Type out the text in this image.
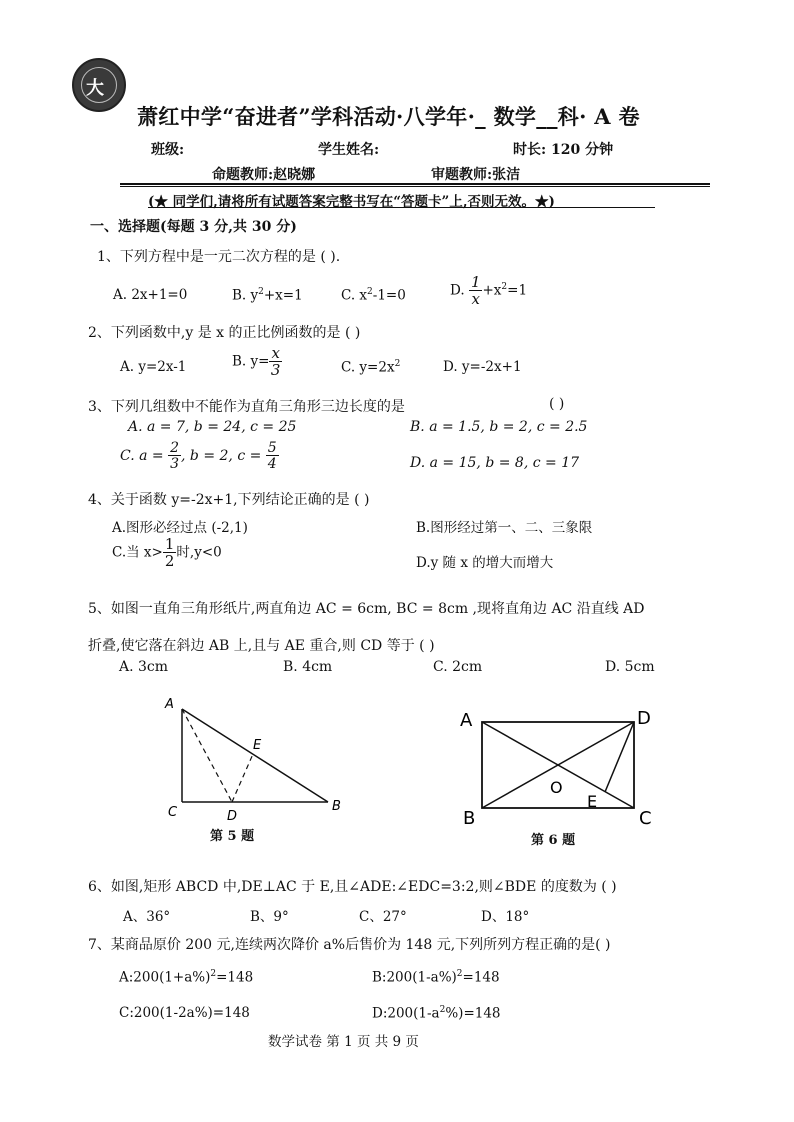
大
萧红中学“奋进者”学科活动·八学年·_ 数学__科· A 卷
班级:	学生姓名:	时长: 120 分钟
命题教师:赵晓娜	审题教师:张洁
(★ 同学们,请将所有试题答案完整书写在“答题卡”上,否则无效。★)
一、选择题(每题 3 分,共 30 分)
1、下列方程中是一元二次方程的是 ( ).
A. 2x+1=0	B. $y^2+x=1$	C. $x^2-1=0$	D. $\frac{1}{x} +x^2=1$
2、下列函数中,y 是 x 的正比例函数的是 ( )
A. y=2x-1	B. $y= \frac{x}{3}$	C. $y=2x^2$	D. y=-2x+1
3、下列几组数中不能作为直角三角形三边长度的是	( )
A. a = 7, b = 24, c = 25	B. a = 1.5, b = 2, c = 2.5
C. $a = \frac{2}{3}$ , b = 2, $c = \frac{5}{4}$	D. a = 15, b = 8, c = 17
4、关于函数 y=-2x+1,下列结论正确的是 ( )
A.图形必经过点 (-2,1)	B.图形经过第一、二、三象限
C.当 $x> \frac{1}{2}$ 时,y<0
D.y 随 x 的增大而增大
5、如图一直角三角形纸片,两直角边 AC = 6cm, BC = 8cm ,现将直角边 AC 沿直线 AD
折叠,使它落在斜边 AB 上,且与 AE 重合,则 CD 等于 ( )
A. 3cm	B. 4cm	C. 2cm	D. 5cm
A
E
C	D
B
第 5 题
A	D
O
E
B	C
第 6 题
6、如图,矩形 ABCD 中,DE⊥AC 于 E,且∠ADE:∠EDC=3:2,则∠BDE 的度数为 ( )
A、36°	B、9°	C、27°	D、18°
7、某商品原价 200 元,连续两次降价 a%后售价为 148 元,下列所列方程正确的是( )
$A:200(1+a\%)^2=148$	$B:200(1-a\%)^2=148$
C:200(1-2a%)=148	$D:200(1-a^2\%)=148$
数学试卷 第 1 页 共 9 页
